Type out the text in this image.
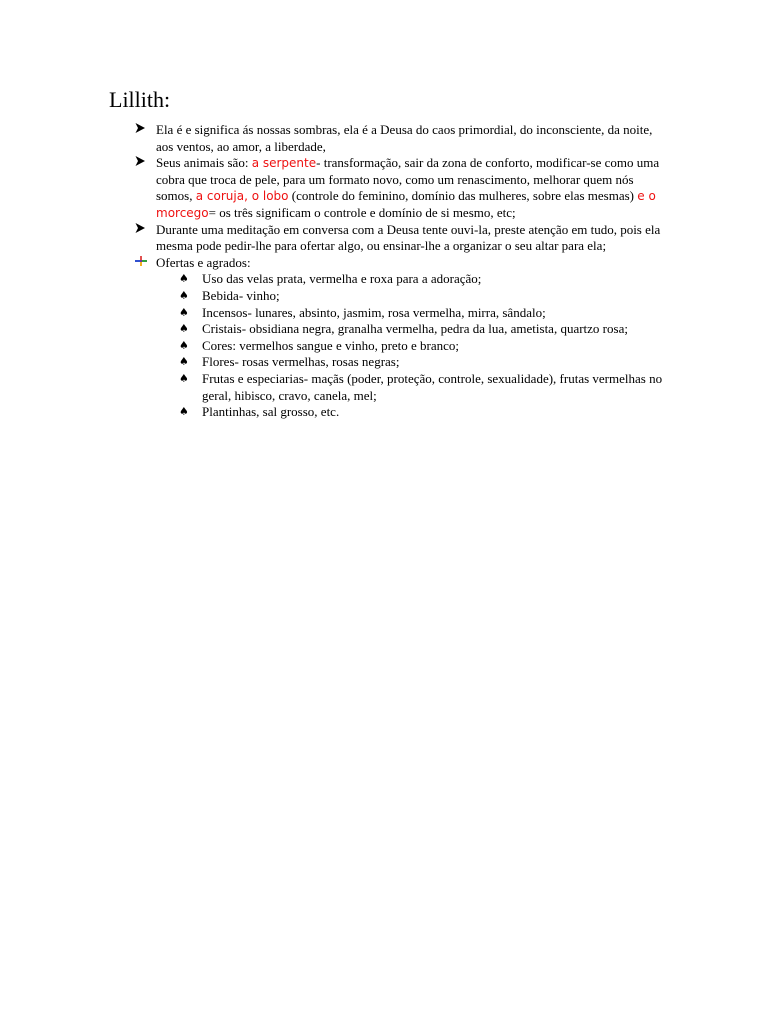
Lillith:

Ela é e significa ás nossas sombras, ela é a Deusa do caos primordial, do inconsciente, da noite, aos ventos, ao amor, a liberdade,

Seus animais são: a serpente- transformação, sair da zona de conforto, modificar-se como uma cobra que troca de pele, para um formato novo, como um renascimento, melhorar quem nós somos, a coruja, o lobo (controle do feminino, domínio das mulheres, sobre elas mesmas) e o morcego= os três significam o controle e domínio de si mesmo, etc;

Durante uma meditação em conversa com a Deusa tente ouvi-la, preste atenção em tudo, pois ela mesma pode pedir-lhe para ofertar algo, ou ensinar-lhe a organizar o seu altar para ela;

Ofertas e agrados:

♠ Uso das velas prata, vermelha e roxa para a adoração;
♠ Bebida- vinho;
♠ Incensos- lunares, absinto, jasmim, rosa vermelha, mirra, sândalo;
♠ Cristais- obsidiana negra, granalha vermelha, pedra da lua, ametista, quartzo rosa;
♠ Cores: vermelhos sangue e vinho, preto e branco;
♠ Flores- rosas vermelhas, rosas negras;
♠ Frutas e especiarias- maçãs (poder, proteção, controle, sexualidade), frutas vermelhas no geral, hibisco, cravo, canela, mel;
♠ Plantinhas, sal grosso, etc.
